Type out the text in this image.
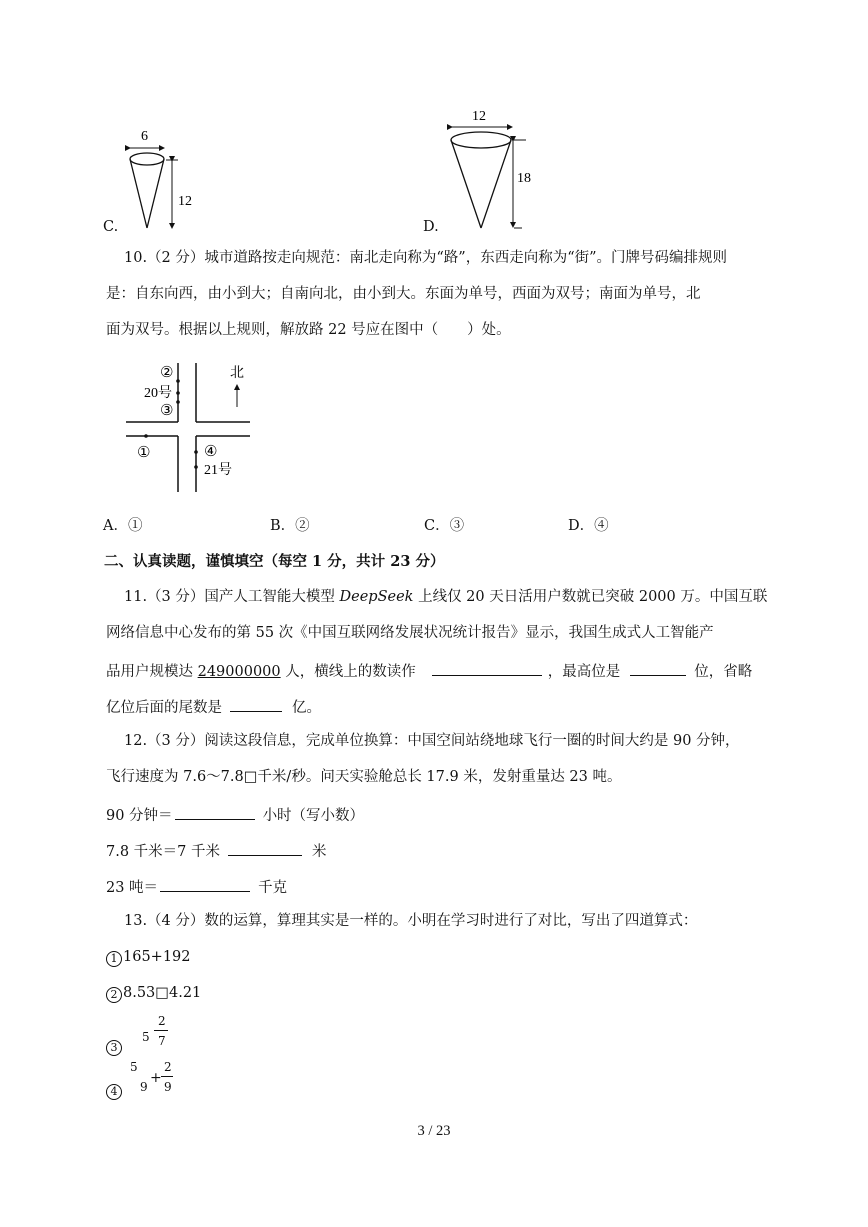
C.
6
12
D.
12
18
10.（2 分）城市道路按走向规范：南北走向称为“路”，东西走向称为“街”。门牌号码编排规则
是：自东向西，由小到大；自南向北，由小到大。东面为单号，西面为双号；南面为单号，北
面为双号。根据以上规则，解放路 22 号应在图中（　　）处。
北
②
20号
③
①	④
21号
A．①	B．②	C．③	D．④
二、认真读题，谨慎填空（每空 1 分，共计 23 分）
11.（3 分）国产人工智能大模型 DeepSeek 上线仅 20 天日活用户数就已突破 2000 万。中国互联
网络信息中心发布的第 55 次《中国互联网络发展状况统计报告》显示，我国生成式人工智能产
品用户规模达 249000000 人，横线上的数读作	，最高位是	位，省略
亿位后面的尾数是	亿。
12.（3 分）阅读这段信息，完成单位换算：中国空间站绕地球飞行一圈的时间大约是 90 分钟，
飞行速度为 7.6～7.8□千米/秒。问天实验舱总长 17.9 米，发射重量达 23 吨。
90 分钟＝	小时（写小数）
7.8 千米＝7 千米	米
23 吨＝	千克
13.（4 分）数的运算，算理其实是一样的。小明在学习时进行了对比，写出了四道算式：
1 165+192
2 8.53□4.21
3
5
2
7
4
5
9
+
2
9
3 / 23
